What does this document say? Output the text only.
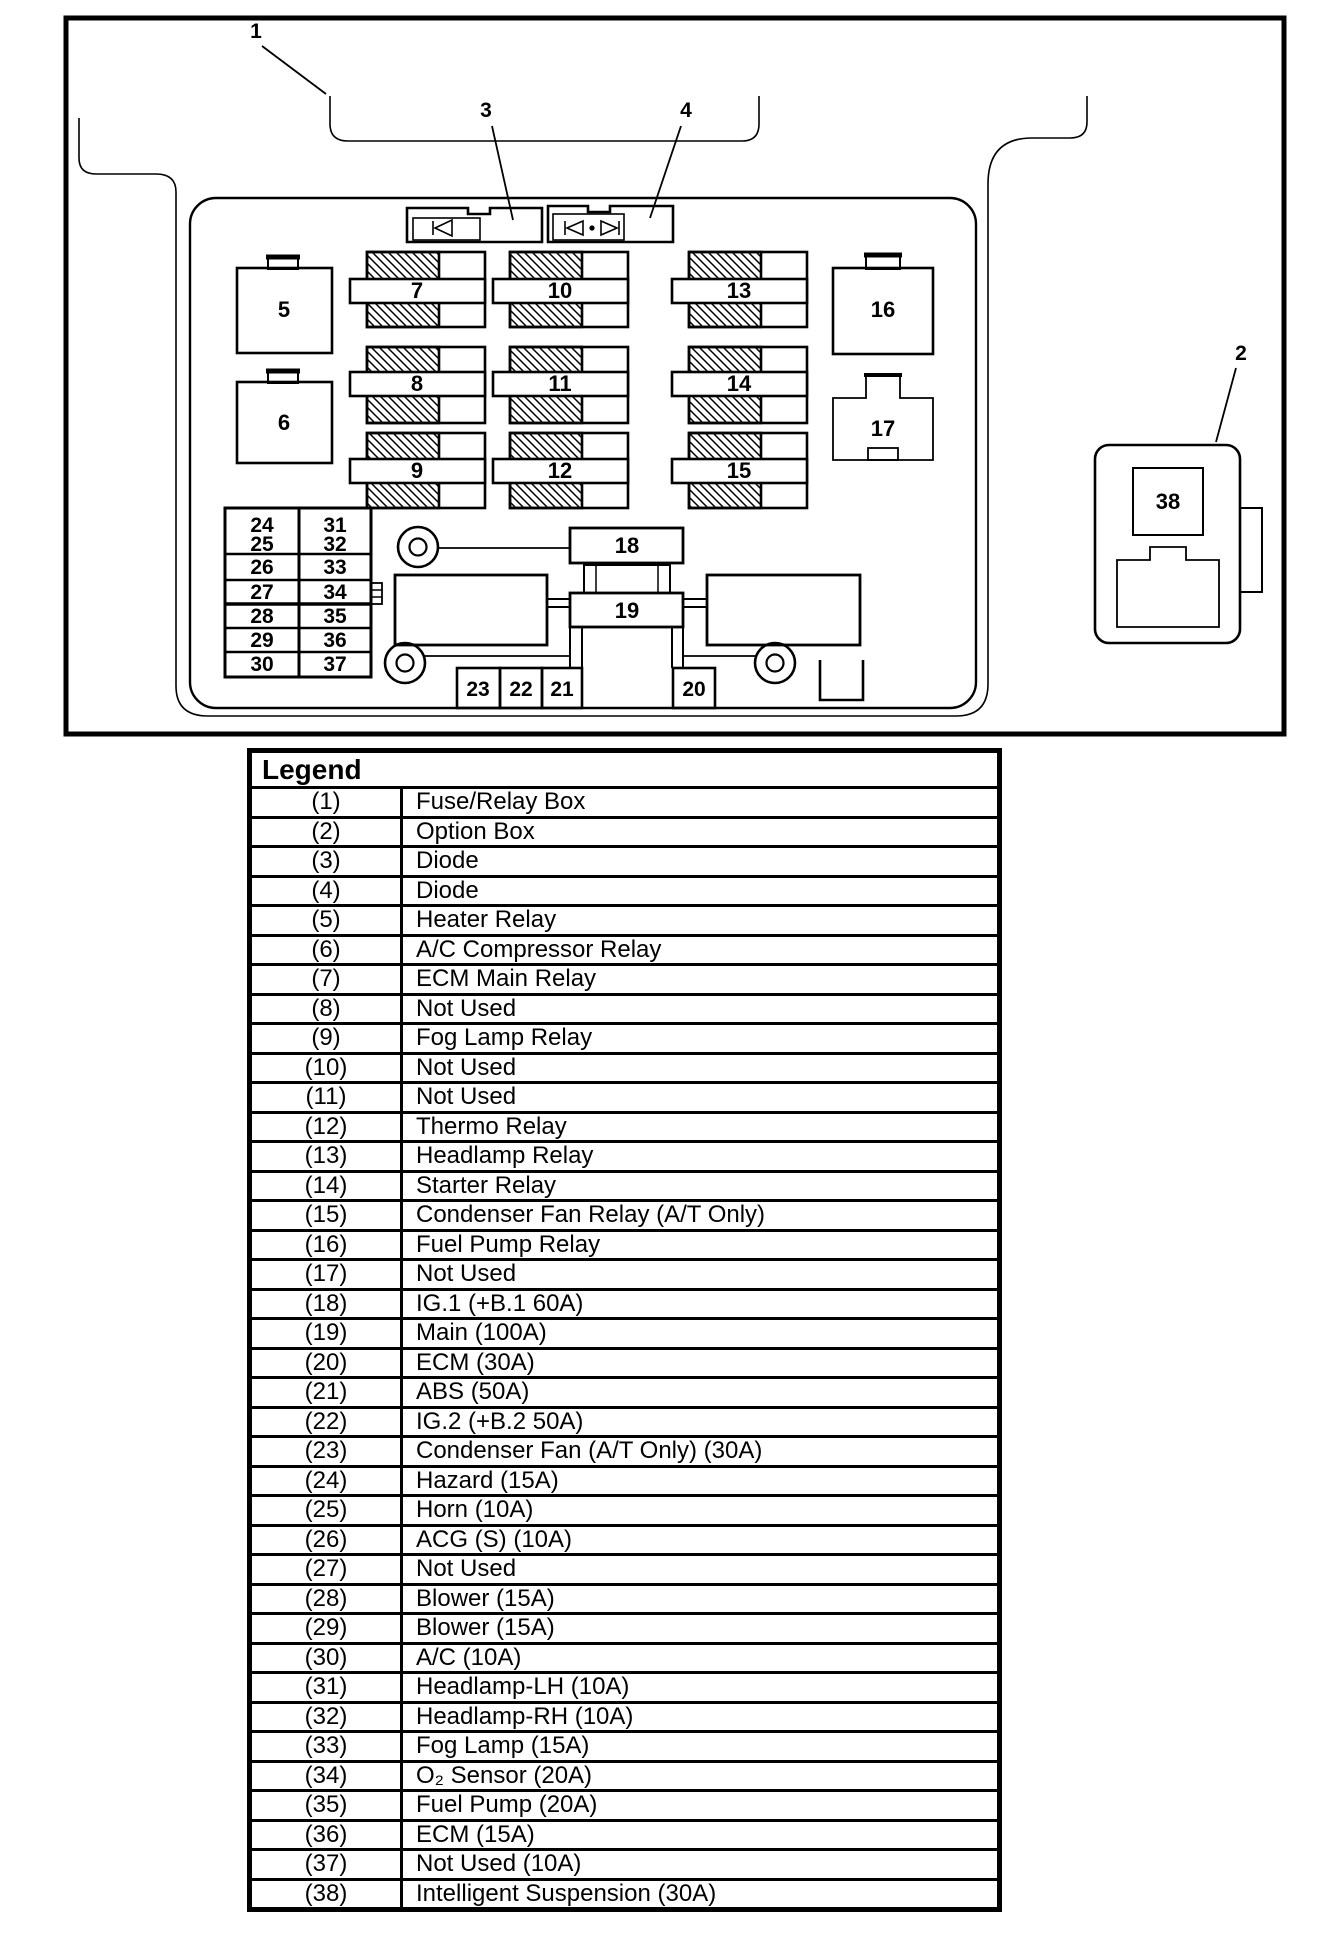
1
2
3	4
5
6
16
17
7	10	13
8	11	14
9	12	15
24 31
25 32
26 33
27 34
28 35
29 36
30 37
18
19
23 22 21	20
38
Legend
(1)	Fuse/Relay Box
(2)	Option Box
(3)	Diode
(4)	Diode
(5)	Heater Relay
(6)	A/C Compressor Relay
(7)	ECM Main Relay
(8)	Not Used
(9)	Fog Lamp Relay
(10)	Not Used
(11)	Not Used
(12)	Thermo Relay
(13)	Headlamp Relay
(14)	Starter Relay
(15)	Condenser Fan Relay (A/T Only)
(16)	Fuel Pump Relay
(17)	Not Used
(18)	IG.1 (+B.1 60A)
(19)	Main (100A)
(20)	ECM (30A)
(21)	ABS (50A)
(22)	IG.2 (+B.2 50A)
(23)	Condenser Fan (A/T Only) (30A)
(24)	Hazard (15A)
(25)	Horn (10A)
(26)	ACG (S) (10A)
(27)	Not Used
(28)	Blower (15A)
(29)	Blower (15A)
(30)	A/C (10A)
(31)	Headlamp-LH (10A)
(32)	Headlamp-RH (10A)
(33)	Fog Lamp (15A)
(34)	O₂ Sensor (20A)
(35)	Fuel Pump (20A)
(36)	ECM (15A)
(37)	Not Used (10A)
(38)	Intelligent Suspension (30A)
